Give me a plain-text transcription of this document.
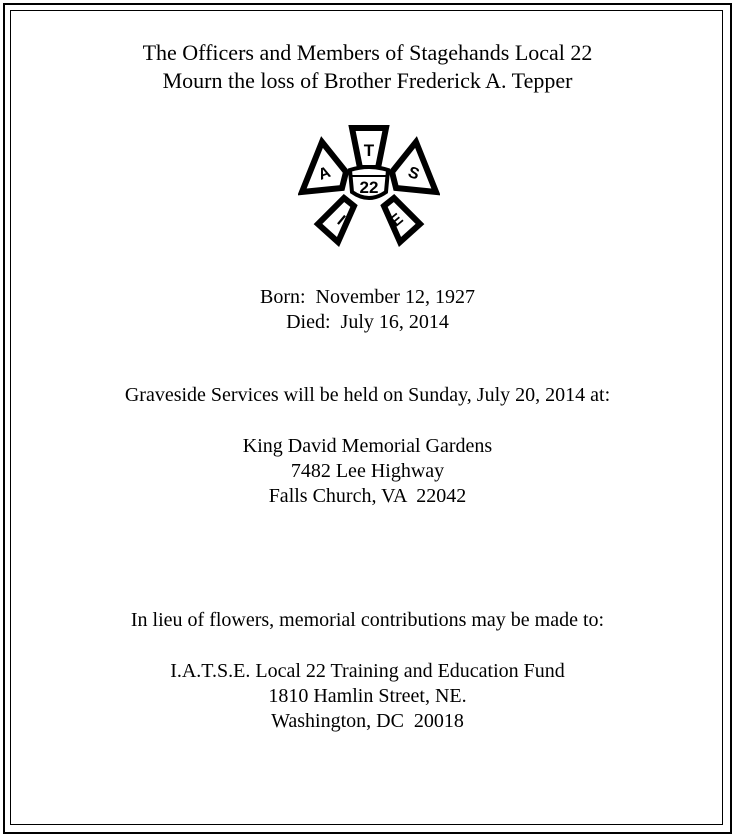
The Officers and Members of Stagehands Local 22
Mourn the loss of Brother Frederick A. Tepper
22
T
S
E
I
A
Born:  November 12, 1927
Died:  July 16, 2014
Graveside Services will be held on Sunday, July 20, 2014 at:
King David Memorial Gardens
7482 Lee Highway
Falls Church, VA  22042
In lieu of flowers, memorial contributions may be made to:
I.A.T.S.E. Local 22 Training and Education Fund
1810 Hamlin Street, NE.
Washington, DC  20018
